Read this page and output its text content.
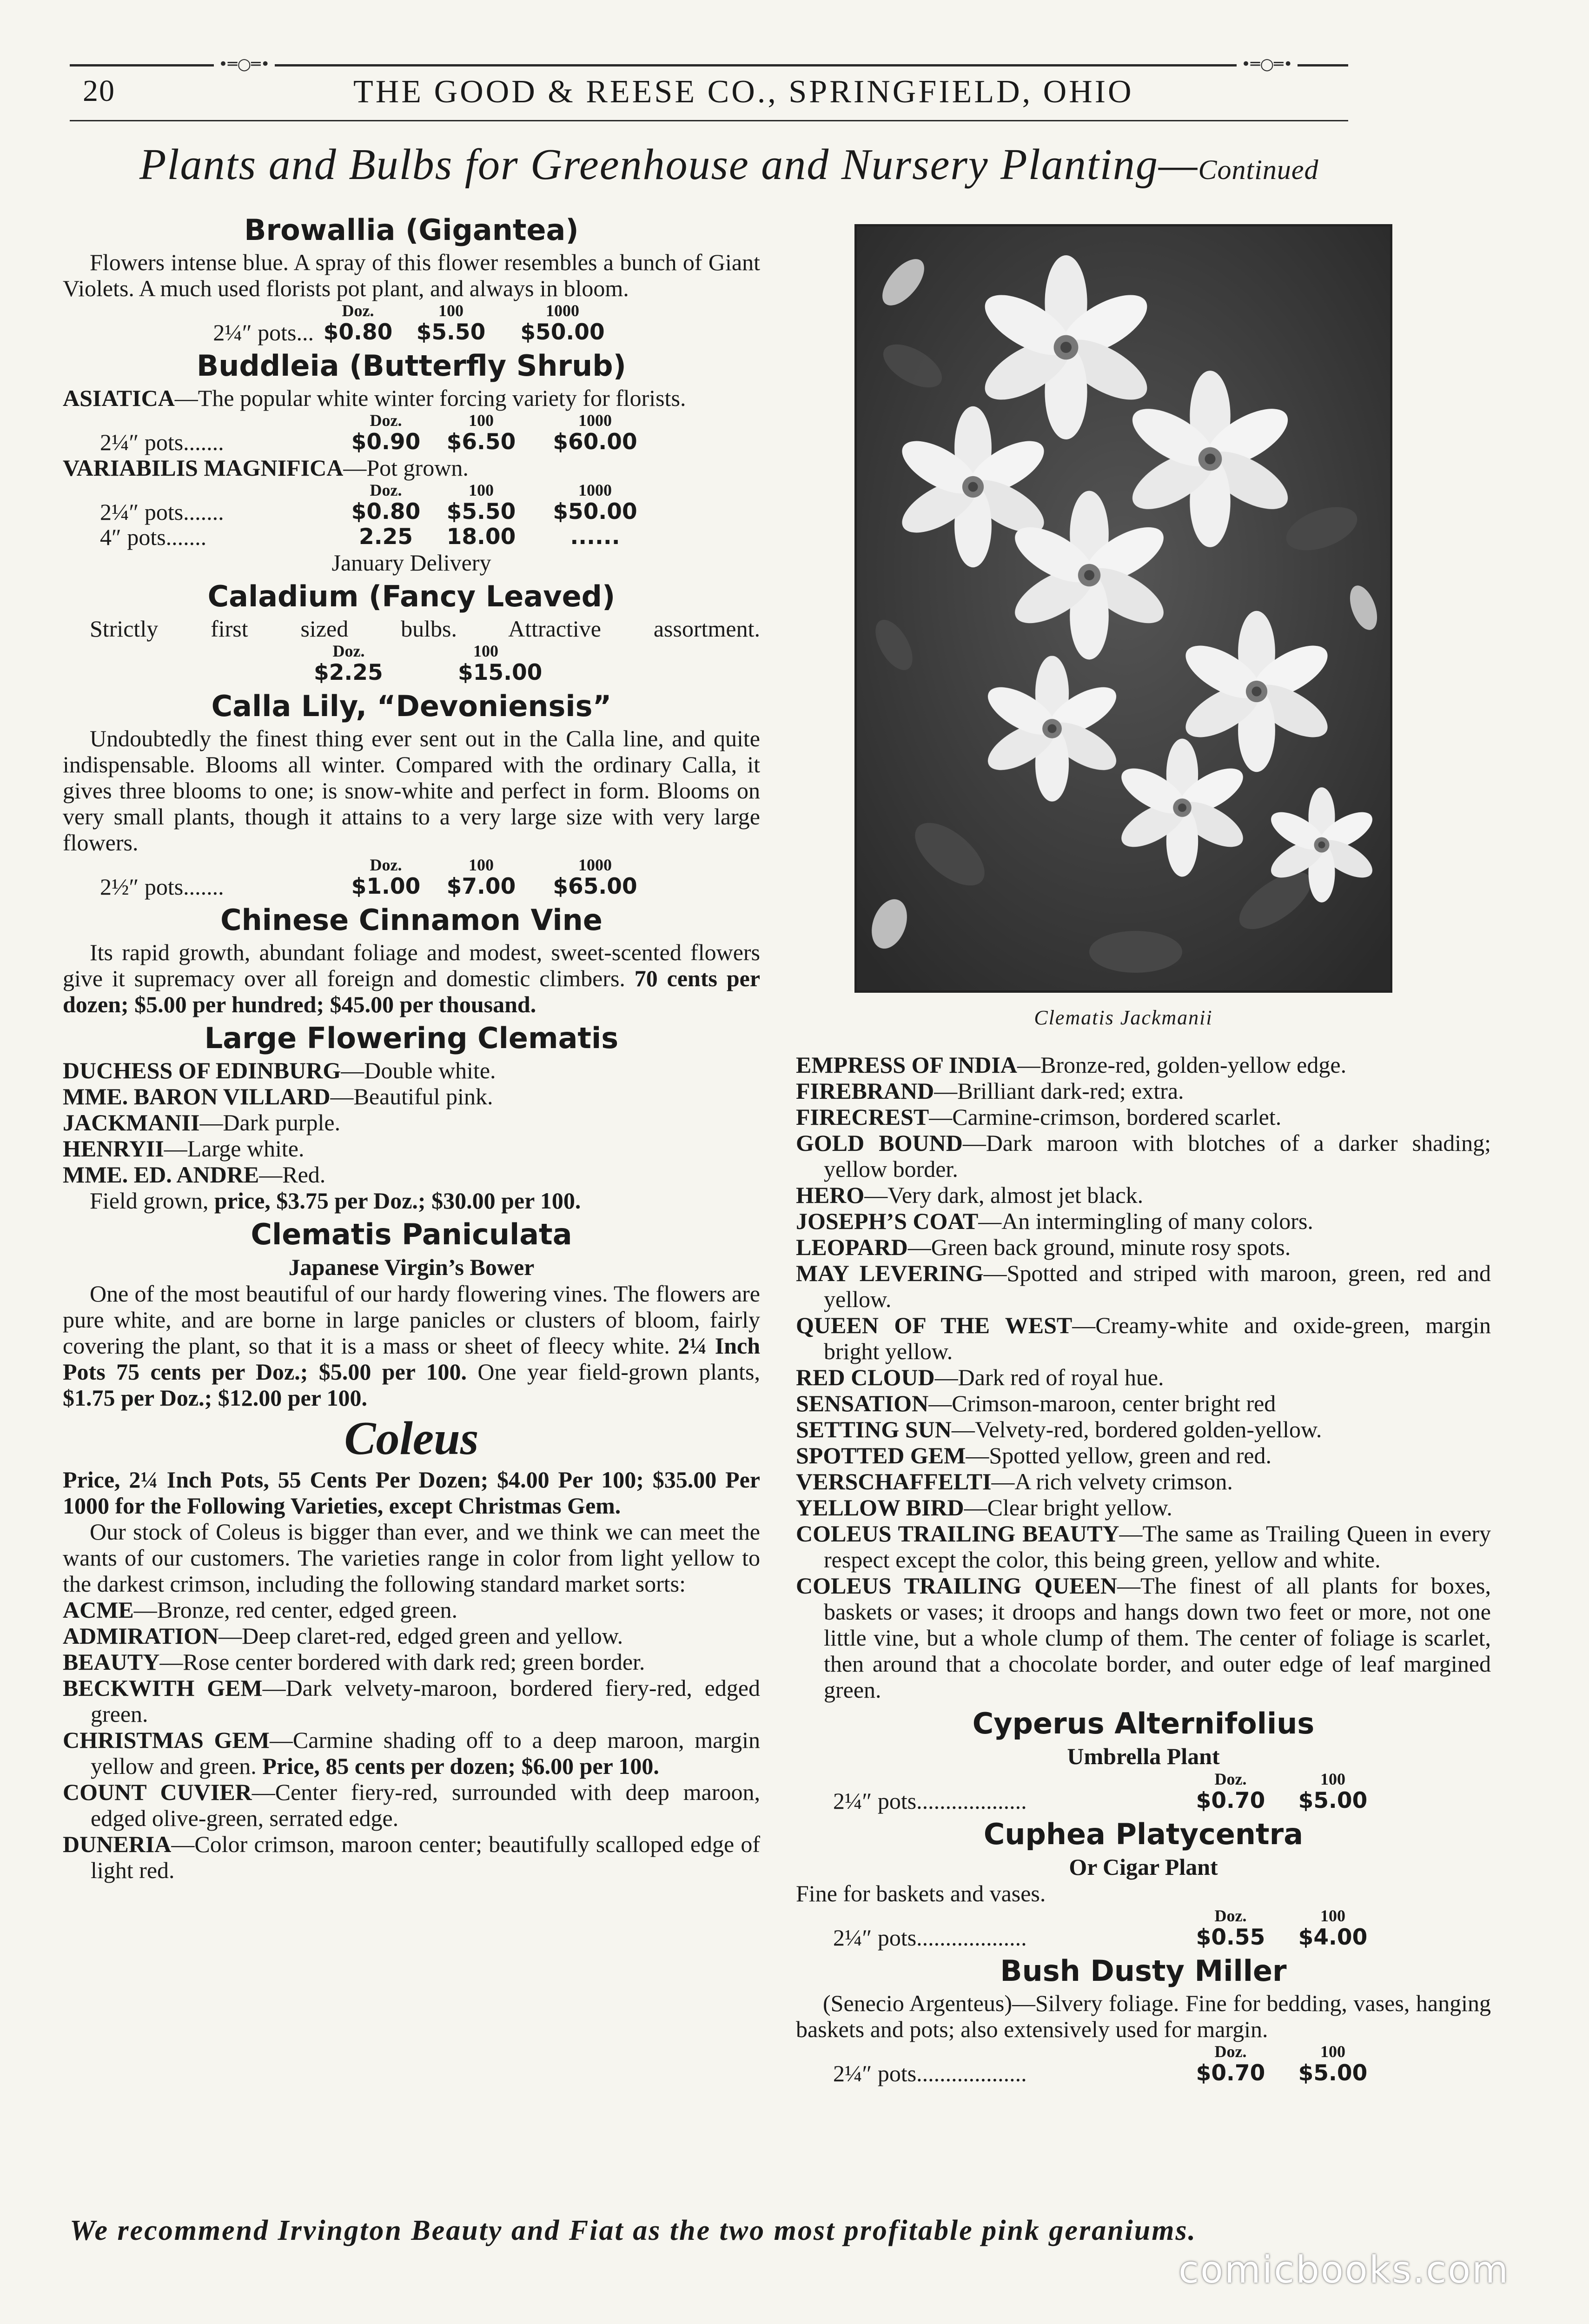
•═○═•	•═○═•
20	THE GOOD & REESE CO., SPRINGFIELD, OHIO
Plants and Bulbs for Greenhouse and Nursery Planting—Continued
Browallia (Gigantea)

Flowers intense blue. A spray of this flower resembles a bunch of Giant Violets. A much used florists pot plant, and always in bloom.

Doz.	100	1000
2¼″ pots... $0.80	$5.50	$50.00
Buddleia (Butterfly Shrub)

ASIATICA—The popular white winter forcing variety for florists.

Doz.	100	1000
2¼″ pots.......	$0.90	$6.50	$60.00

VARIABILIS MAGNIFICA—Pot grown.

Doz.	100	1000
2¼″ pots.......	$0.80	$5.50	$50.00
4″ pots.......	2.25	18.00	......
January Delivery
Caladium (Fancy Leaved)

Strictly first sized bulbs. Attractive assortment.

Doz.	100
$2.25	$15.00
Calla Lily, “Devoniensis”

Undoubtedly the finest thing ever sent out in the Calla line, and quite indispensable. Blooms all winter. Compared with the ordinary Calla, it gives three blooms to one; is snow-white and perfect in form. Blooms on very small plants, though it attains to a very large size with very large flowers.

Doz.	100	1000
2½″ pots.......	$1.00	$7.00	$65.00
Chinese Cinnamon Vine

Its rapid growth, abundant foliage and modest, sweet-scented flowers give it supremacy over all foreign and domestic climbers. 70 cents per dozen; $5.00 per hundred; $45.00 per thousand.

Large Flowering Clematis

DUCHESS OF EDINBURG—Double white.

MME. BARON VILLARD—Beautiful pink.

JACKMANII—Dark purple.

HENRYII—Large white.

MME. ED. ANDRE—Red.

Field grown, price, $3.75 per Doz.; $30.00 per 100.

Clematis Paniculata
Japanese Virgin’s Bower

One of the most beautiful of our hardy flowering vines. The flowers are pure white, and are borne in large panicles or clusters of bloom, fairly covering the plant, so that it is a mass or sheet of fleecy white. 2¼ Inch Pots 75 cents per Doz.; $5.00 per 100. One year field-grown plants, $1.75 per Doz.; $12.00 per 100.

Coleus

Price, 2¼ Inch Pots, 55 Cents Per Dozen; $4.00 Per 100; $35.00 Per 1000 for the Following Varieties, except Christmas Gem.

Our stock of Coleus is bigger than ever, and we think we can meet the wants of our customers. The varieties range in color from light yellow to the darkest crimson, including the following standard market sorts:

ACME—Bronze, red center, edged green.

ADMIRATION—Deep claret-red, edged green and yellow.

BEAUTY—Rose center bordered with dark red; green border.

BECKWITH GEM—Dark velvety-maroon, bordered fiery-red, edged green.

CHRISTMAS GEM—Carmine shading off to a deep maroon, margin yellow and green. Price, 85 cents per dozen; $6.00 per 100.

COUNT CUVIER—Center fiery-red, surrounded with deep maroon, edged olive-green, serrated edge.

DUNERIA—Color crimson, maroon center; beautifully scalloped edge of light red.

Clematis Jackmanii

EMPRESS OF INDIA—Bronze-red, golden-yellow edge.

FIREBRAND—Brilliant dark-red; extra.

FIRECREST—Carmine-crimson, bordered scarlet.

GOLD BOUND—Dark maroon with blotches of a darker shading; yellow border.

HERO—Very dark, almost jet black.

JOSEPH’S COAT—An intermingling of many colors.

LEOPARD—Green back ground, minute rosy spots.

MAY LEVERING—Spotted and striped with maroon, green, red and yellow.

QUEEN OF THE WEST—Creamy-white and oxide-green, margin bright yellow.

RED CLOUD—Dark red of royal hue.

SENSATION—Crimson-maroon, center bright red

SETTING SUN—Velvety-red, bordered golden-yellow.

SPOTTED GEM—Spotted yellow, green and red.

VERSCHAFFELTI—A rich velvety crimson.

YELLOW BIRD—Clear bright yellow.

COLEUS TRAILING BEAUTY—The same as Trailing Queen in every respect except the color, this being green, yellow and white.

COLEUS TRAILING QUEEN—The finest of all plants for boxes, baskets or vases; it droops and hangs down two feet or more, not one little vine, but a whole clump of them. The center of foliage is scarlet, then around that a chocolate border, and outer edge of leaf margined green.

Cyperus Alternifolius
Umbrella Plant
Doz.	100
2¼″ pots...................	$0.70	$5.00
Cuphea Platycentra
Or Cigar Plant

Fine for baskets and vases.

Doz.	100
2¼″ pots...................	$0.55	$4.00
Bush Dusty Miller

(Senecio Argenteus)—Silvery foliage. Fine for bedding, vases, hanging baskets and pots; also extensively used for margin.

Doz.	100
2¼″ pots...................	$0.70	$5.00
We recommend Irvington Beauty and Fiat as the two most profitable pink geraniums.
comicbooks.com
